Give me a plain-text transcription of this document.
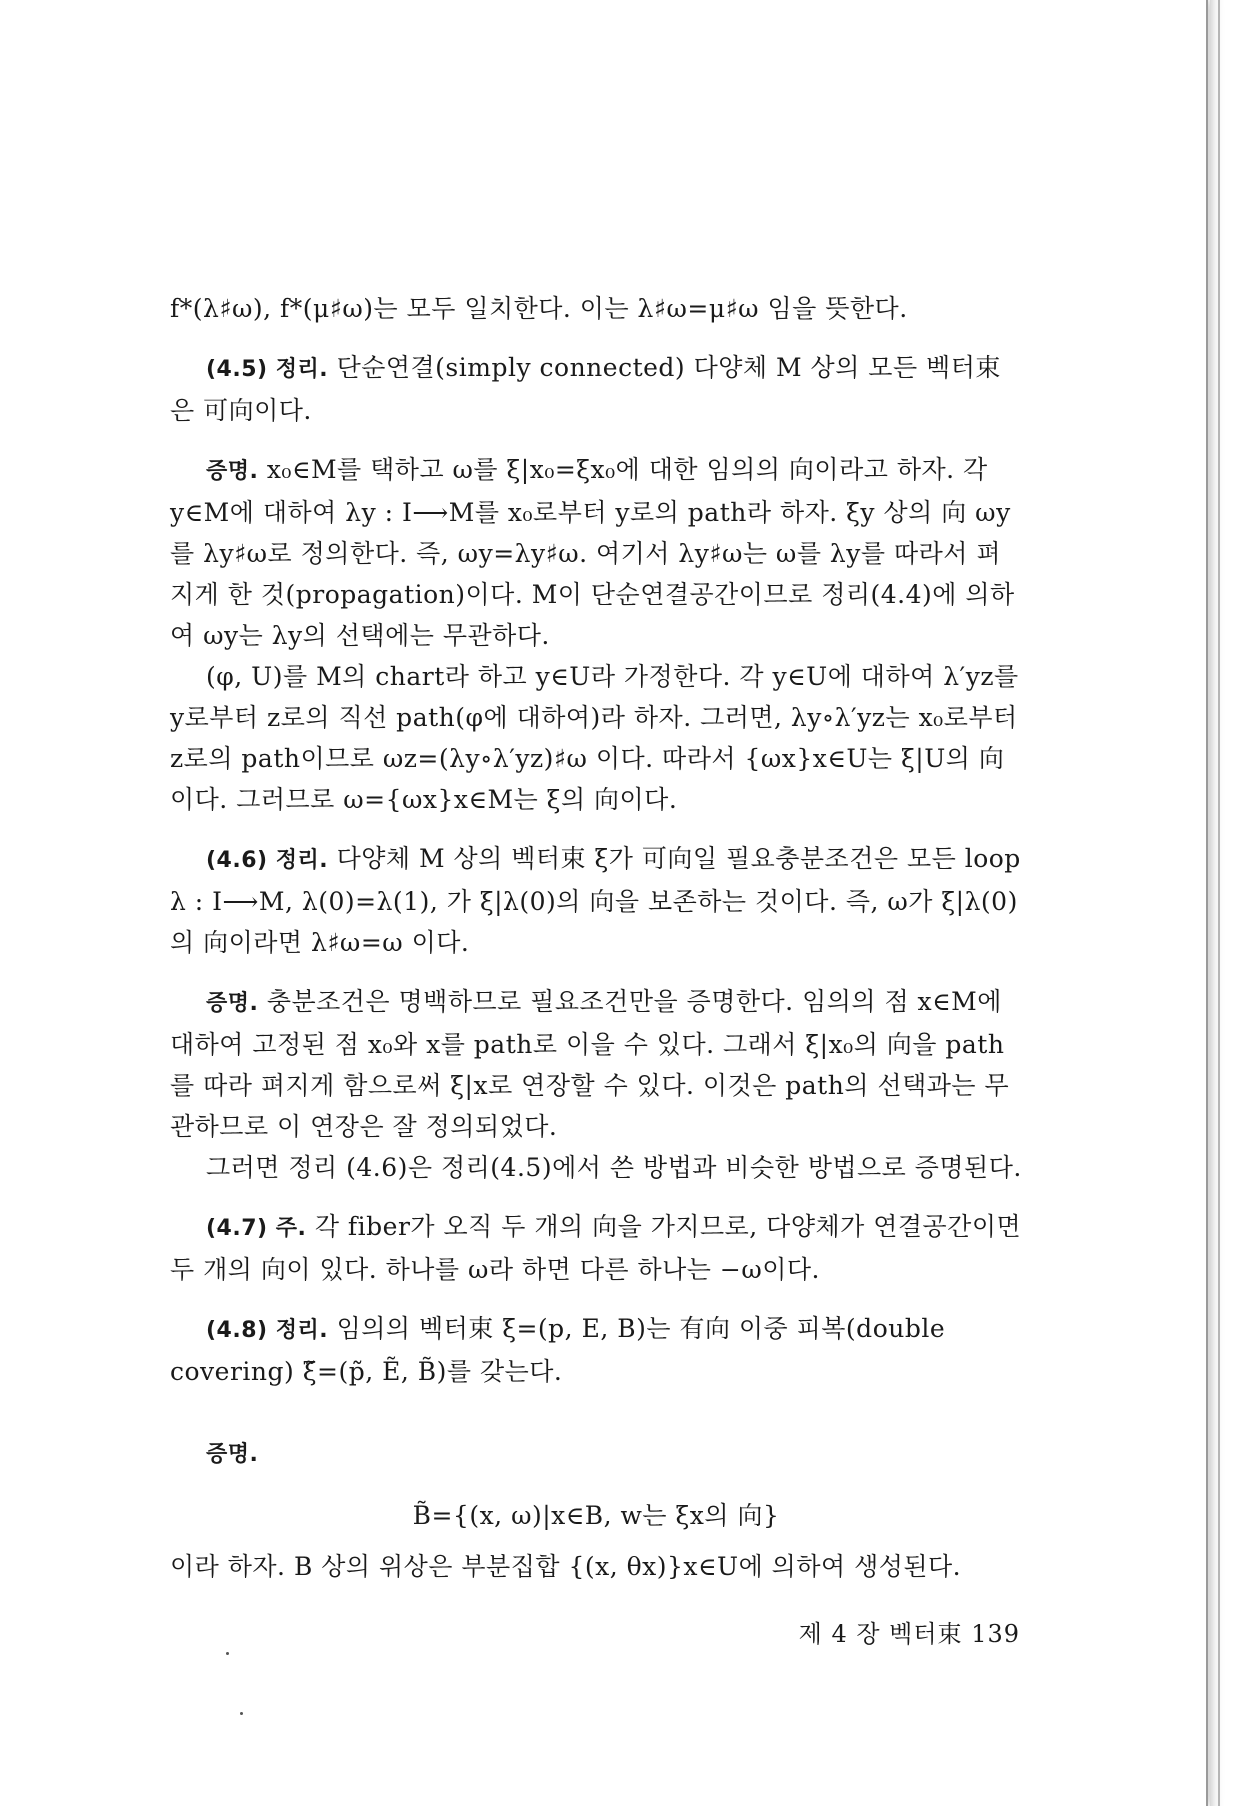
f*(λ♯ω), f*(μ♯ω)는 모두 일치한다. 이는 λ♯ω=μ♯ω 임을 뜻한다.

(4.5) 정리. 단순연결(simply connected) 다양체 M 상의 모든 벡터束은 可向이다.

증명. x₀∈M를 택하고 ω를 ξ|x₀=ξx₀에 대한 임의의 向이라고 하자. 각 y∈M에 대하여 λy : I⟶M를 x₀로부터 y로의 path라 하자. ξy 상의 向 ωy를 λy♯ω로 정의한다. 즉, ωy=λy♯ω. 여기서 λy♯ω는 ω를 λy를 따라서 펴지게 한 것(propagation)이다. M이 단순연결공간이므로 정리(4.4)에 의하여 ωy는 λy의 선택에는 무관하다.

(φ, U)를 M의 chart라 하고 y∈U라 가정한다. 각 y∈U에 대하여 λ′yz를 y로부터 z로의 직선 path(φ에 대하여)라 하자. 그러면, λy∘λ′yz는 x₀로부터 z로의 path이므로 ωz=(λy∘λ′yz)♯ω 이다. 따라서 {ωx}x∈U는 ξ|U의 向이다. 그러므로 ω={ωx}x∈M는 ξ의 向이다.

(4.6) 정리. 다양체 M 상의 벡터束 ξ가 可向일 필요충분조건은 모든 loop λ : I⟶M, λ(0)=λ(1), 가 ξ|λ(0)의 向을 보존하는 것이다. 즉, ω가 ξ|λ(0)의 向이라면 λ♯ω=ω 이다.

증명. 충분조건은 명백하므로 필요조건만을 증명한다. 임의의 점 x∈M에 대하여 고정된 점 x₀와 x를 path로 이을 수 있다. 그래서 ξ|x₀의 向을 path를 따라 펴지게 함으로써 ξ|x로 연장할 수 있다. 이것은 path의 선택과는 무관하므로 이 연장은 잘 정의되었다.

그러면 정리 (4.6)은 정리(4.5)에서 쓴 방법과 비슷한 방법으로 증명된다.

(4.7) 주. 각 fiber가 오직 두 개의 向을 가지므로, 다양체가 연결공간이면 두 개의 向이 있다. 하나를 ω라 하면 다른 하나는 −ω이다.

(4.8) 정리. 임의의 벡터束 ξ=(p, E, B)는 有向 이중 피복(double covering) ξ̃=(p̃, Ẽ, B̃)를 갖는다.

증명.

B̃={(x, ω)|x∈B, w는 ξx의 向}

이라 하자. B 상의 위상은 부분집합 {(x, θx)}x∈U에 의하여 생성된다.

제 4 장 벡터束 139
